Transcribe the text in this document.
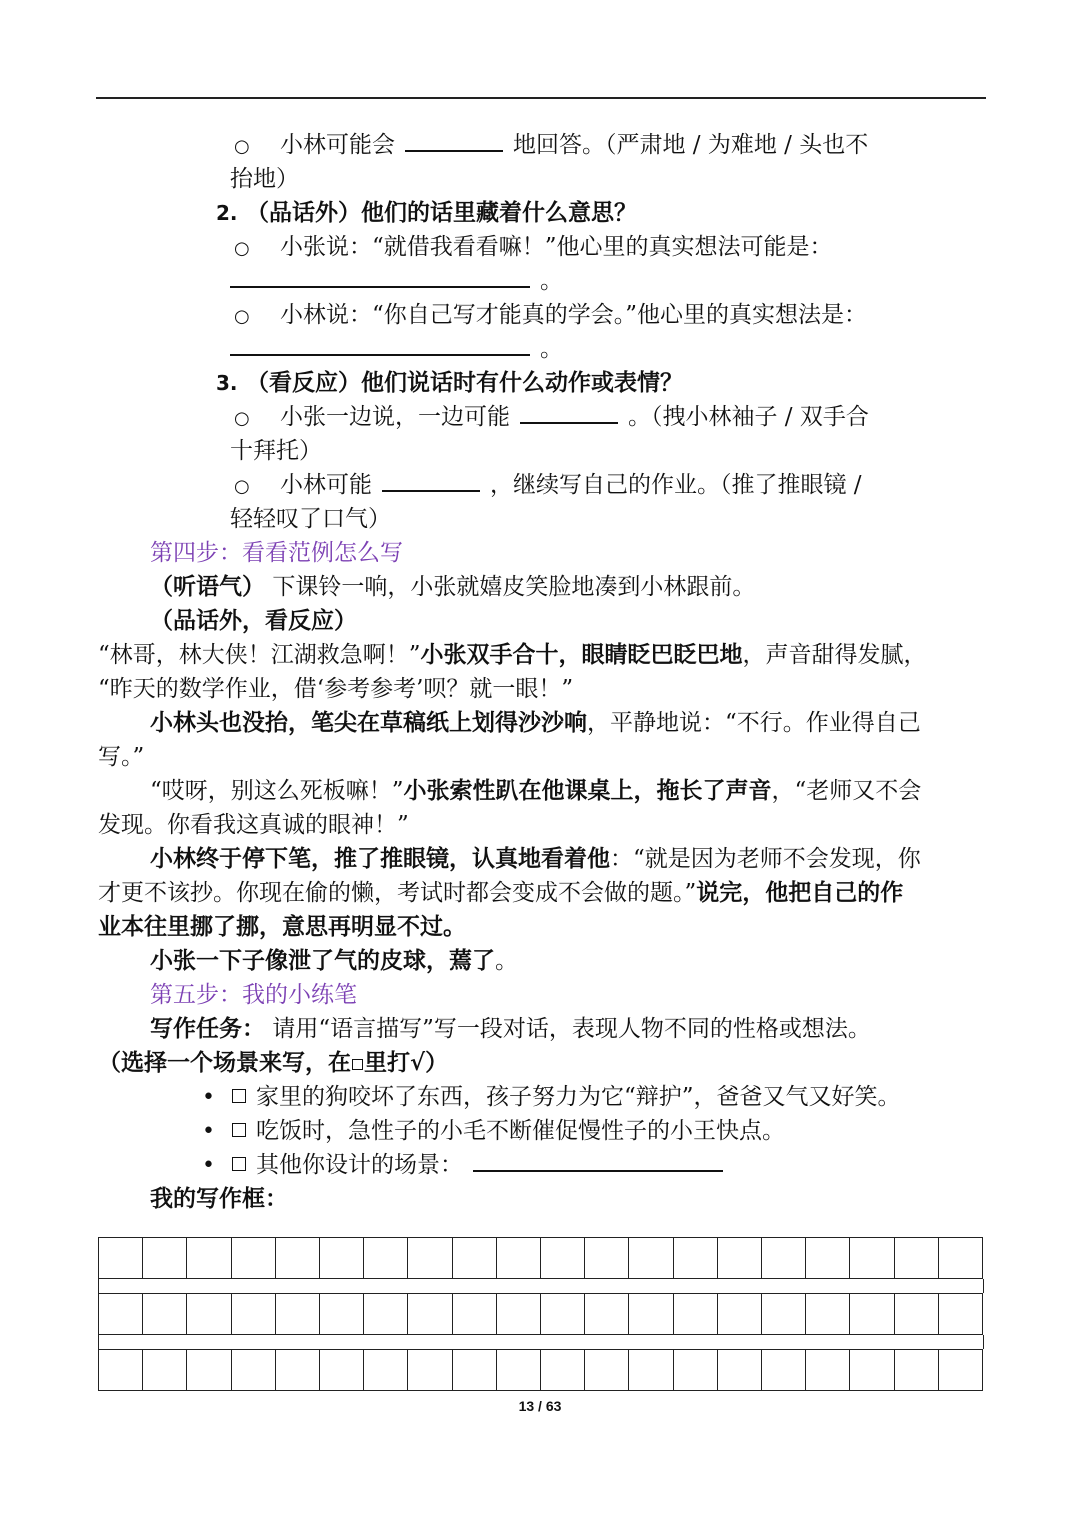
○ 小林可能会	地回答。（严肃地 / 为难地 / 头也不
抬地）
2. （品话外）他们的话里藏着什么意思？
○ 小张说：“就借我看看嘛！”他心里的真实想法可能是：
。
○ 小林说：“你自己写才能真的学会。”他心里的真实想法是：
。
3. （看反应）他们说话时有什么动作或表情？
○ 小张一边说，一边可能	。（拽小林袖子 / 双手合
十拜托）
○ 小林可能	，继续写自己的作业。（推了推眼镜 /
轻轻叹了口气）
第四步：看看范例怎么写
（听语气） 下课铃一响，小张就嬉皮笑脸地凑到小林跟前。
（品话外，看反应）
“林哥，林大侠！江湖救急啊！”小张双手合十，眼睛眨巴眨巴地，声音甜得发腻，
“昨天的数学作业，借‘参考参考’呗？就一眼！”
小林头也没抬，笔尖在草稿纸上划得沙沙响，平静地说：“不行。作业得自己
写。”
“哎呀，别这么死板嘛！”小张索性趴在他课桌上，拖长了声音，“老师又不会
发现。你看我这真诚的眼神！”
小林终于停下笔，推了推眼镜，认真地看着他：“就是因为老师不会发现，你
才更不该抄。你现在偷的懒，考试时都会变成不会做的题。”说完，他把自己的作
业本往里挪了挪，意思再明显不过。
小张一下子像泄了气的皮球，蔫了。
第五步：我的小练笔
写作任务： 请用“语言描写”写一段对话，表现人物不同的性格或想法。
（选择一个场景来写，在 里打√）
• 家里的狗咬坏了东西，孩子努力为它“辩护”，爸爸又气又好笑。
• 吃饭时，急性子的小毛不断催促慢性子的小王快点。
• 其他你设计的场景：
我的写作框：
13 / 63
